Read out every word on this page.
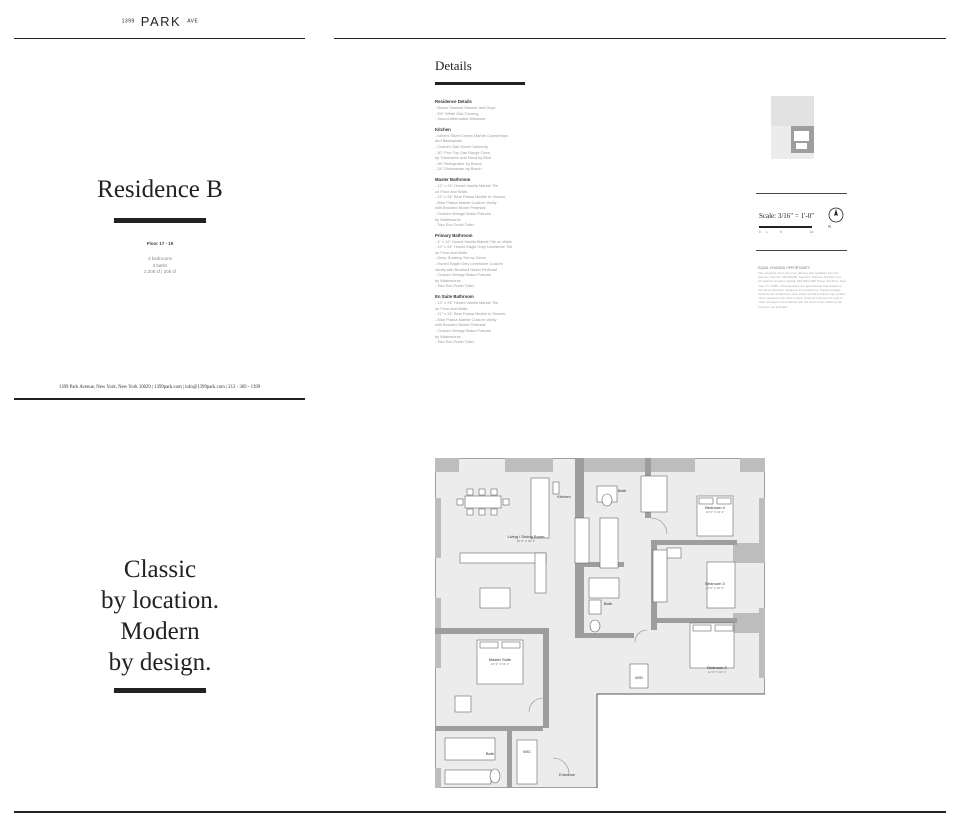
1399 PARK AVE
Residence B
Floor 17 - 19
4 bedrooms
3 baths
2,208 sf | 205 sf
1399 Park Avenue, New York, New York 10029 | 1399park.com | info@1399park.com | 212 - 369 - 1399
Classic
by location.
Modern
by design.
Details
Residence Details
- Bosch Stacked Washer and Dryer
- 5½" White Oak Flooring
- Sound Attenuated Windows
Kitchen
- Athens Silver Cream Marble Countertops
and Backsplash
- Custom Oak Wood Cabinetry
- 30" Five Top Gas Range Oven
by Thermador and Hood by Blue
- 36" Refrigerator by Bosch
- 24" Dishwasher by Bosch
Master Bathroom
- 12" x 24" Honed Vanilla Marble Tile
on Floor and Walls
- 12" x 24" Blue Padua Marble in Shower
- Blue Padua Marble Custom Vanity
with Brushed Nickel Pedestal
- Custom Vintage Brass Fixtures
by Waterworks
- Toto Eco-Fresh Toilet
Primary Bathroom
- 4" x 12" Honed Vanilla Marble Tile on Walls
- 12" x 24" Honed Eagle Grey Limestone Tile
on Floor and Walls
- Deep Soaking Tub by Zuma
- Honed Eagle Grey Limestone Custom
Vanity with Brushed Nickel Pedestal
- Custom Vintage Brass Fixtures
by Waterworks
- Toto Eco-Fresh Toilet
En Suite Bathroom
- 12" x 24" Honed Vanilla Marble Tile
on Floor and Walls
- 12" x 24" Blue Padua Marble in Shower
- Blue Padua Marble Custom Vanity
with Brushed Nickel Pedestal
- Custom Vintage Brass Fixtures
by Waterworks
- Toto Eco-Fresh Toilet
Scale: 3/16" = 1'-0"
0 1	5	10
N
EQUAL HOUSING OPPORTUNITY
The complete terms are in an offering plan available from the Sponsor. File No. CD18-0256. Sponsor: Parkvue Tt4 Park LLC, c/o Hudson Housing Capital, 630 West 28th Street, 4th Floor, New York, NY 10001. All dimensions are approximate and subject to normal construction variances and tolerances. Square footage exceeds the usable floor area. Plans and dimensions may contain minor variations from floor to floor. Sponsor reserves the right to make changes in accordance with the terms of the offering plan. Furniture not included.
Living / Dining Room
30' 0" X 20' 6"
Kitchen
Bath
Bedroom 4
12' 0" X 10' 2"
Bedroom 3
11' 6" X 10' 0"
Bath
Master Suite
16' 3" X 13' 4"
Bedroom 2
11' 0" X 10' 1"
Bath
W/D
WIC
Entrance
